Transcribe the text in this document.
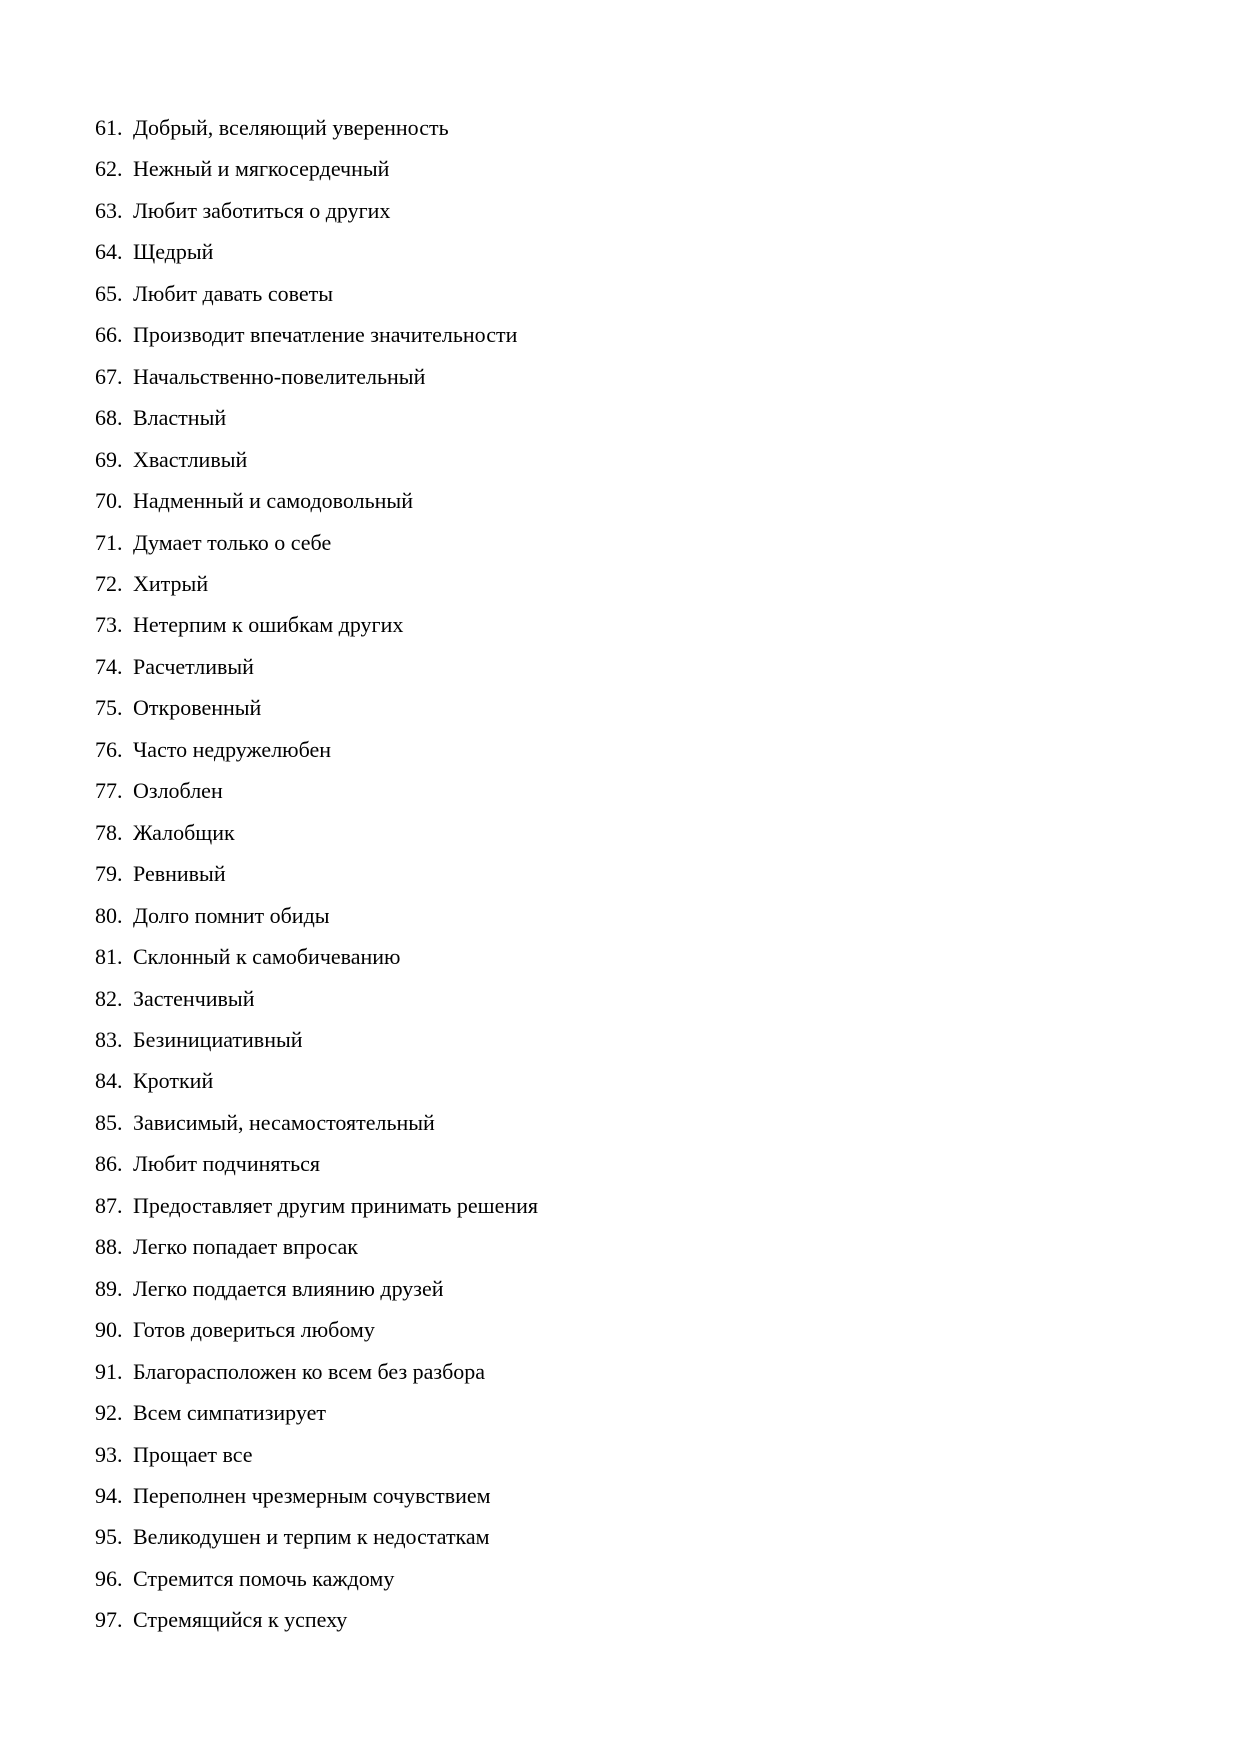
61. Добрый, вселяющий уверенность
62. Нежный и мягкосердечный
63. Любит заботиться о других
64. Щедрый
65. Любит давать советы
66. Производит впечатление значительности
67. Начальственно-повелительный
68. Властный
69. Хвастливый
70. Надменный и самодовольный
71. Думает только о себе
72. Хитрый
73. Нетерпим к ошибкам других
74. Расчетливый
75. Откровенный
76. Часто недружелюбен
77. Озлоблен
78. Жалобщик
79. Ревнивый
80. Долго помнит обиды
81. Склонный к самобичеванию
82. Застенчивый
83. Безинициативный
84. Кроткий
85. Зависимый, несамостоятельный
86. Любит подчиняться
87. Предоставляет другим принимать решения
88. Легко попадает впросак
89. Легко поддается влиянию друзей
90. Готов довериться любому
91. Благорасположен ко всем без разбора
92. Всем симпатизирует
93. Прощает все
94. Переполнен чрезмерным сочувствием
95. Великодушен и терпим к недостаткам
96. Стремится помочь каждому
97. Стремящийся к успеху
